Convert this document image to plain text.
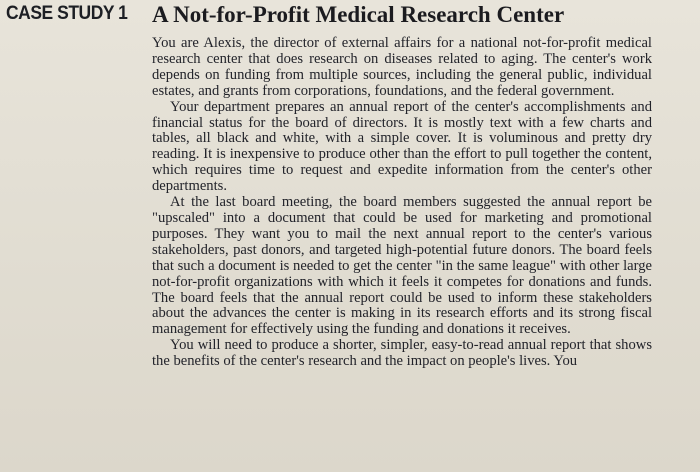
CASE STUDY 1 A Not-for-Profit Medical Research Center

You are Alexis, the director of external affairs for a national not-for-profit medical research center that does research on diseases related to aging. The center's work depends on funding from multiple sources, including the general public, individual estates, and grants from corporations, foundations, and the federal government.

Your department prepares an annual report of the center's accomplishments and financial status for the board of directors. It is mostly text with a few charts and tables, all black and white, with a simple cover. It is voluminous and pretty dry reading. It is inexpensive to produce other than the effort to pull together the content, which requires time to request and expedite information from the center's other departments.

At the last board meeting, the board members suggested the annual report be "upscaled" into a document that could be used for marketing and promotional purposes. They want you to mail the next annual report to the center's various stakeholders, past donors, and targeted high-potential future donors. The board feels that such a document is needed to get the center "in the same league" with other large not-for-profit organizations with which it feels it competes for donations and funds. The board feels that the annual report could be used to inform these stakeholders about the advances the center is making in its research efforts and its strong fiscal management for effectively using the funding and donations it receives.

You will need to produce a shorter, simpler, easy-to-read annual report that shows the benefits of the center's research and the impact on people's lives. You
